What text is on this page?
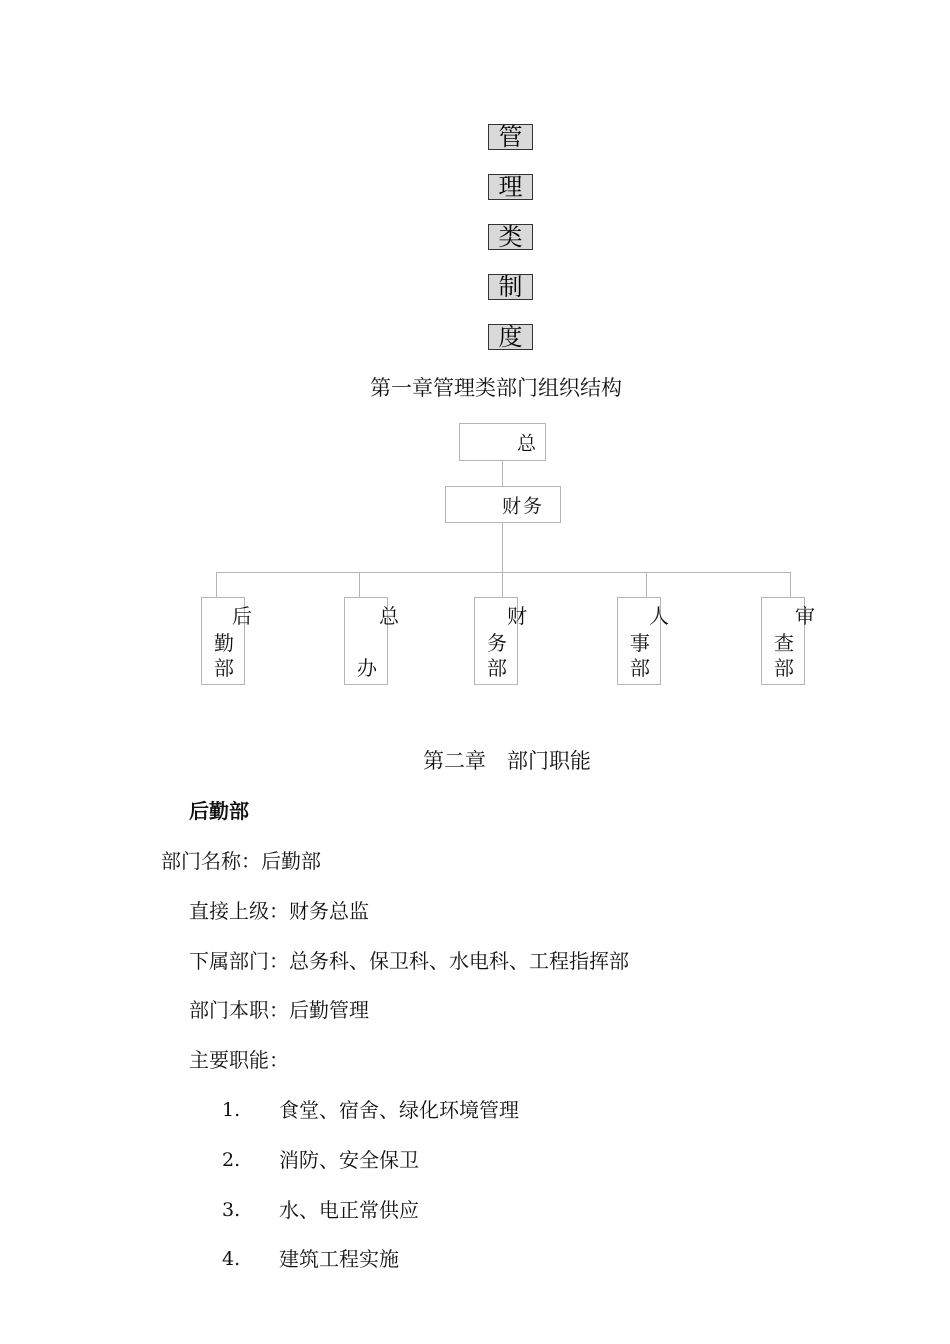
管
理
类
制
度
第一章管理类部门组织结构
总
财务
后
勤
部
总
办
财
务
部
人
事
部
审
查
部
第二章　部门职能
后勤部
部门名称：后勤部
直接上级：财务总监
下属部门：总务科、保卫科、水电科、工程指挥部
部门本职：后勤管理
主要职能：
1. 食堂、宿舍、绿化环境管理
2. 消防、安全保卫
3. 水、电正常供应
4. 建筑工程实施
